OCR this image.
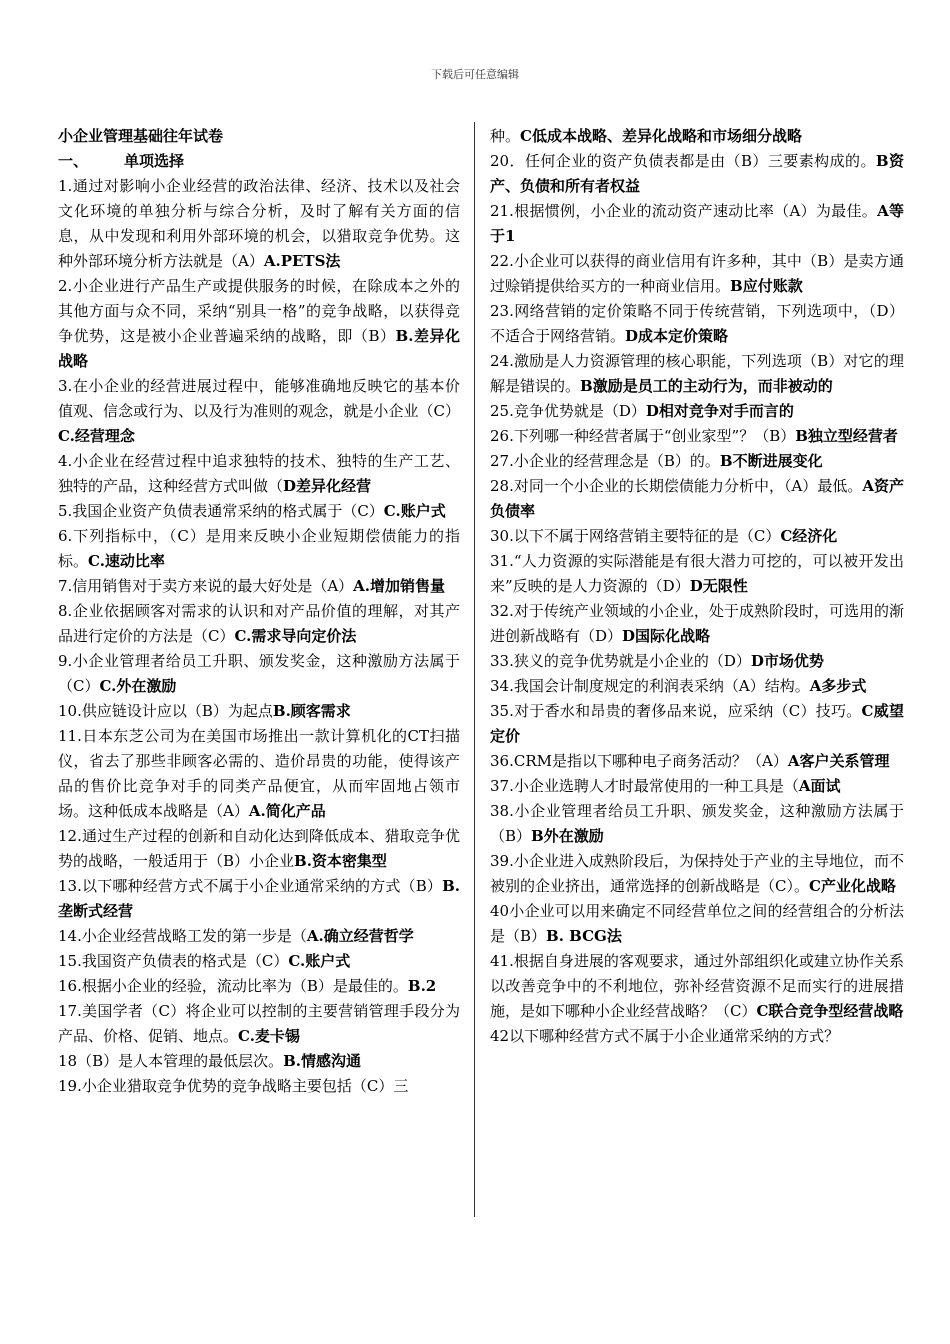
下载后可任意编辑

小企业管理基础往年试卷

一、 单项选择

1.通过对影响小企业经营的政治法律、经济、技术以及社会文化环境的单独分析与综合分析，及时了解有关方面的信息，从中发现和利用外部环境的机会，以猎取竞争优势。这种外部环境分析方法就是（A）A.PETS法

2.小企业进行产品生产或提供服务的时候，在除成本之外的其他方面与众不同，采纳“别具一格”的竞争战略，以获得竞争优势，这是被小企业普遍采纳的战略，即（B）B.差异化战略

3.在小企业的经营进展过程中，能够准确地反映它的基本价值观、信念或行为、以及行为准则的观念，就是小企业（C）C.经营理念

4.小企业在经营过程中追求独特的技术、独特的生产工艺、独特的产品，这种经营方式叫做（D差异化经营

5.我国企业资产负债表通常采纳的格式属于（C）C.账户式

6.下列指标中，（C）是用来反映小企业短期偿债能力的指标。C.速动比率

7.信用销售对于卖方来说的最大好处是（A）A.增加销售量

8.企业依据顾客对需求的认识和对产品价值的理解，对其产品进行定价的方法是（C）C.需求导向定价法

9.小企业管理者给员工升职、颁发奖金，这种激励方法属于（C）C.外在激励

10.供应链设计应以（B）为起点B.顾客需求

11.日本东芝公司为在美国市场推出一款计算机化的CT扫描仪，省去了那些非顾客必需的、造价昂贵的功能，使得该产品的售价比竞争对手的同类产品便宜，从而牢固地占领市场。这种低成本战略是（A）A.简化产品

12.通过生产过程的创新和自动化达到降低成本、猎取竞争优势的战略，一般适用于（B）小企业B.资本密集型

13.以下哪种经营方式不属于小企业通常采纳的方式（B）B.垄断式经营

14.小企业经营战略工发的第一步是（A.确立经营哲学

15.我国资产负债表的格式是（C）C.账户式

16.根据小企业的经验，流动比率为（B）是最佳的。B.2

17.美国学者（C）将企业可以控制的主要营销管理手段分为产品、价格、促销、地点。C.麦卡锡

18（B）是人本管理的最低层次。B.情感沟通

19.小企业猎取竞争优势的竞争战略主要包括（C）三

种。C低成本战略、差异化战略和市场细分战略

20．任何企业的资产负债表都是由（B）三要素构成的。B资产、负债和所有者权益

21.根据惯例，小企业的流动资产速动比率（A）为最佳。A等于1

22.小企业可以获得的商业信用有许多种，其中（B）是卖方通过赊销提供给买方的一种商业信用。B应付账款

23.网络营销的定价策略不同于传统营销，下列选项中，（D）不适合于网络营销。D成本定价策略

24.激励是人力资源管理的核心职能，下列选项（B）对它的理解是错误的。B激励是员工的主动行为，而非被动的

25.竞争优势就是（D）D相对竞争对手而言的

26.下列哪一种经营者属于“创业家型”？（B）B独立型经营者

27.小企业的经营理念是（B）的。B不断进展变化

28.对同一个小企业的长期偿债能力分析中，（A）最低。A资产负债率

30.以下不属于网络营销主要特征的是（C）C经济化

31.“人力资源的实际潜能是有很大潜力可挖的，可以被开发出来”反映的是人力资源的（D）D无限性

32.对于传统产业领域的小企业，处于成熟阶段时，可选用的渐进创新战略有（D）D国际化战略

33.狭义的竞争优势就是小企业的（D）D市场优势

34.我国会计制度规定的利润表采纳（A）结构。A多步式

35.对于香水和昂贵的奢侈品来说，应采纳（C）技巧。C威望定价

36.CRM是指以下哪种电子商务活动？（A）A客户关系管理

37.小企业选聘人才时最常使用的一种工具是（A面试

38.小企业管理者给员工升职、颁发奖金，这种激励方法属于（B）B外在激励

39.小企业进入成熟阶段后，为保持处于产业的主导地位，而不被别的企业挤出，通常选择的创新战略是（C）。C产业化战略

40小企业可以用来确定不同经营单位之间的经营组合的分析法是（B）B. BCG法

41.根据自身进展的客观要求，通过外部组织化或建立协作关系以改善竞争中的不利地位，弥补经营资源不足而实行的进展措施，是如下哪种小企业经营战略？（C）C联合竞争型经营战略

42以下哪种经营方式不属于小企业通常采纳的方式？
